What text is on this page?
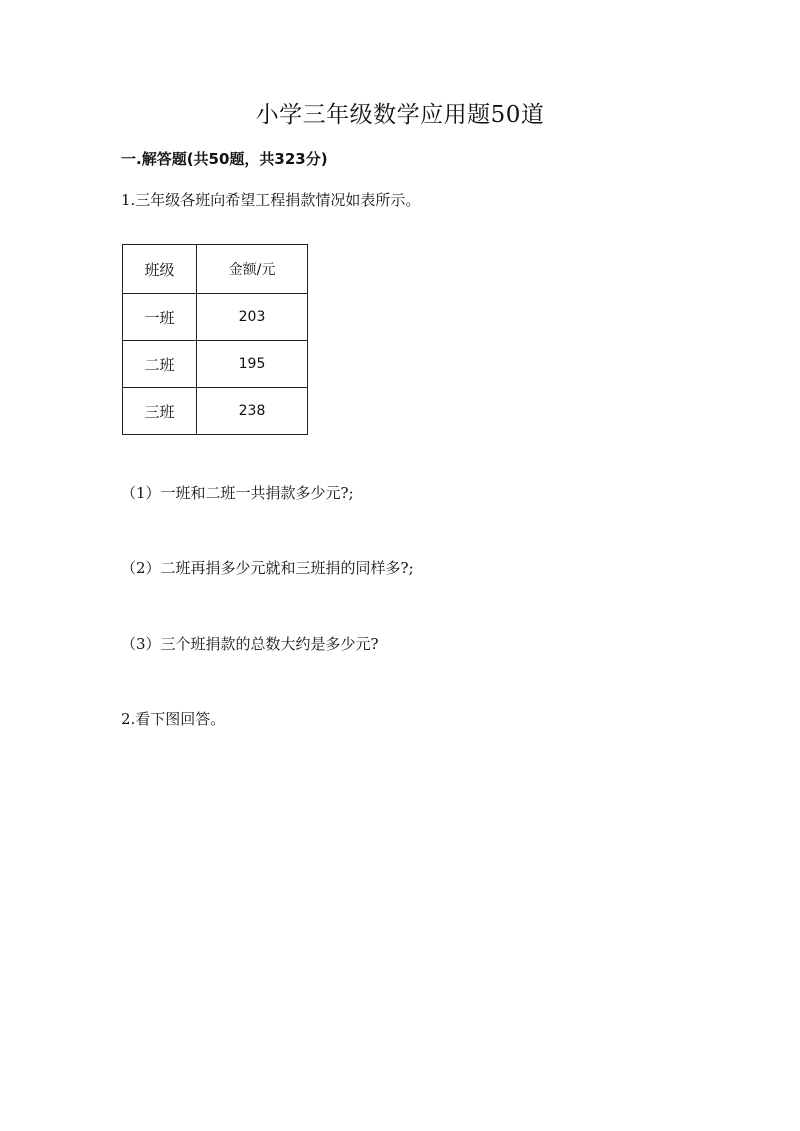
小学三年级数学应用题50道
一.解答题(共50题，共323分)
1.三年级各班向希望工程捐款情况如表所示。
班级	金额/元
一班	203
二班	195
三班	238
（1）一班和二班一共捐款多少元?;
（2）二班再捐多少元就和三班捐的同样多?;
（3）三个班捐款的总数大约是多少元?
2.看下图回答。
